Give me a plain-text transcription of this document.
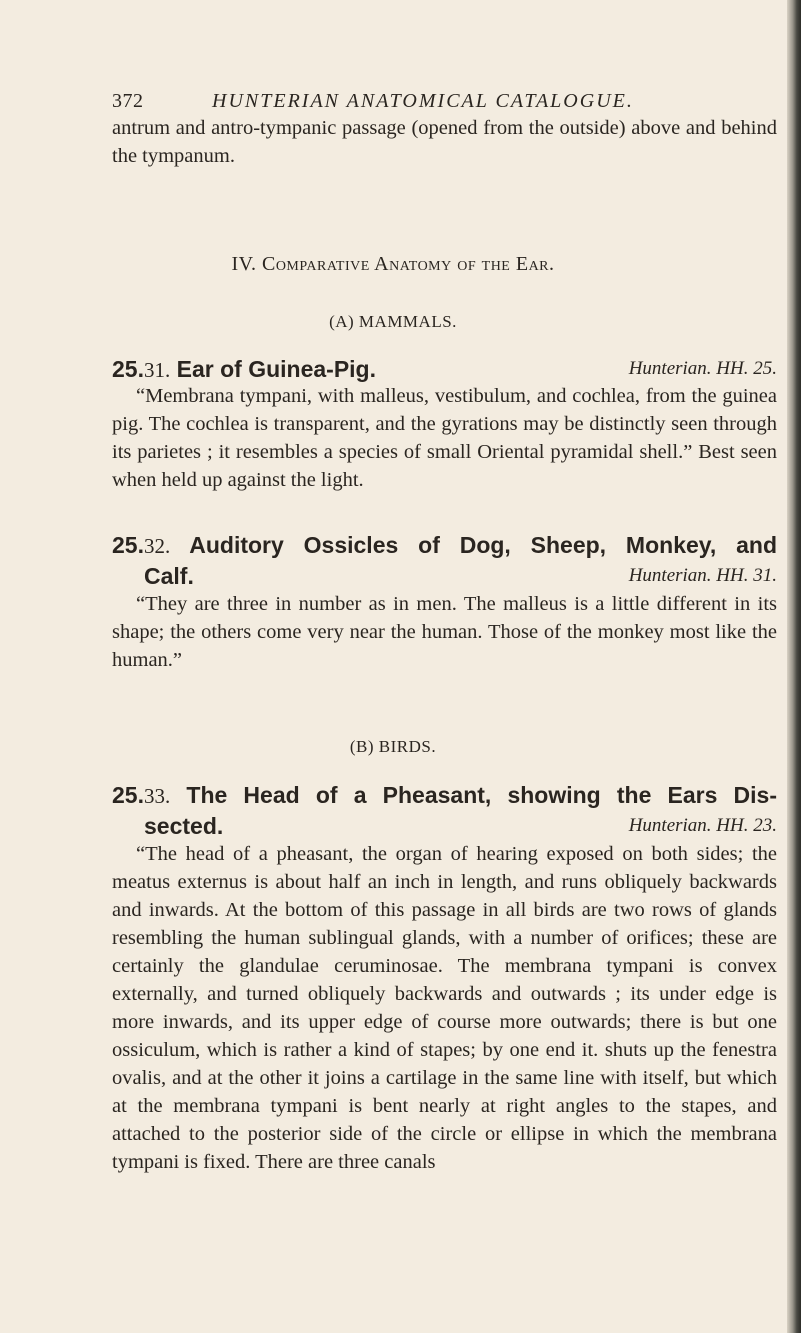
372	HUNTERIAN ANATOMICAL CATALOGUE.

antrum and antro-tympanic passage (opened from the outside) above and behind the tympanum.

IV. Comparative Anatomy of the Ear.
(A) MAMMALS.
Hunterian. HH. 25.
25.31. Ear of Guinea-Pig.

“Membrana tympani, with malleus, vestibulum, and cochlea, from the guinea pig. The cochlea is transparent, and the gyrations may be distinctly seen through its parietes ; it resembles a species of small Oriental pyramidal shell.” Best seen when held up against the light.

25.32. Auditory Ossicles of Dog, Sheep, Monkey, and
Hunterian. HH. 31.
Calf.

“They are three in number as in men. The malleus is a little different in its shape; the others come very near the human. Those of the monkey most like the human.”

(B) BIRDS.
25.33. The Head of a Pheasant, showing the Ears Dis-
Hunterian. HH. 23.
sected.

“The head of a pheasant, the organ of hearing exposed on both sides; the meatus externus is about half an inch in length, and runs obliquely backwards and inwards. At the bottom of this passage in all birds are two rows of glands resembling the human sublingual glands, with a number of orifices; these are certainly the glandulae ceruminosae. The membrana tympani is convex externally, and turned obliquely backwards and outwards ; its under edge is more inwards, and its upper edge of course more outwards; there is but one ossiculum, which is rather a kind of stapes; by one end it. shuts up the fenestra ovalis, and at the other it joins a cartilage in the same line with itself, but which at the membrana tympani is bent nearly at right angles to the stapes, and attached to the posterior side of the circle or ellipse in which the membrana tympani is fixed. There are three canals
